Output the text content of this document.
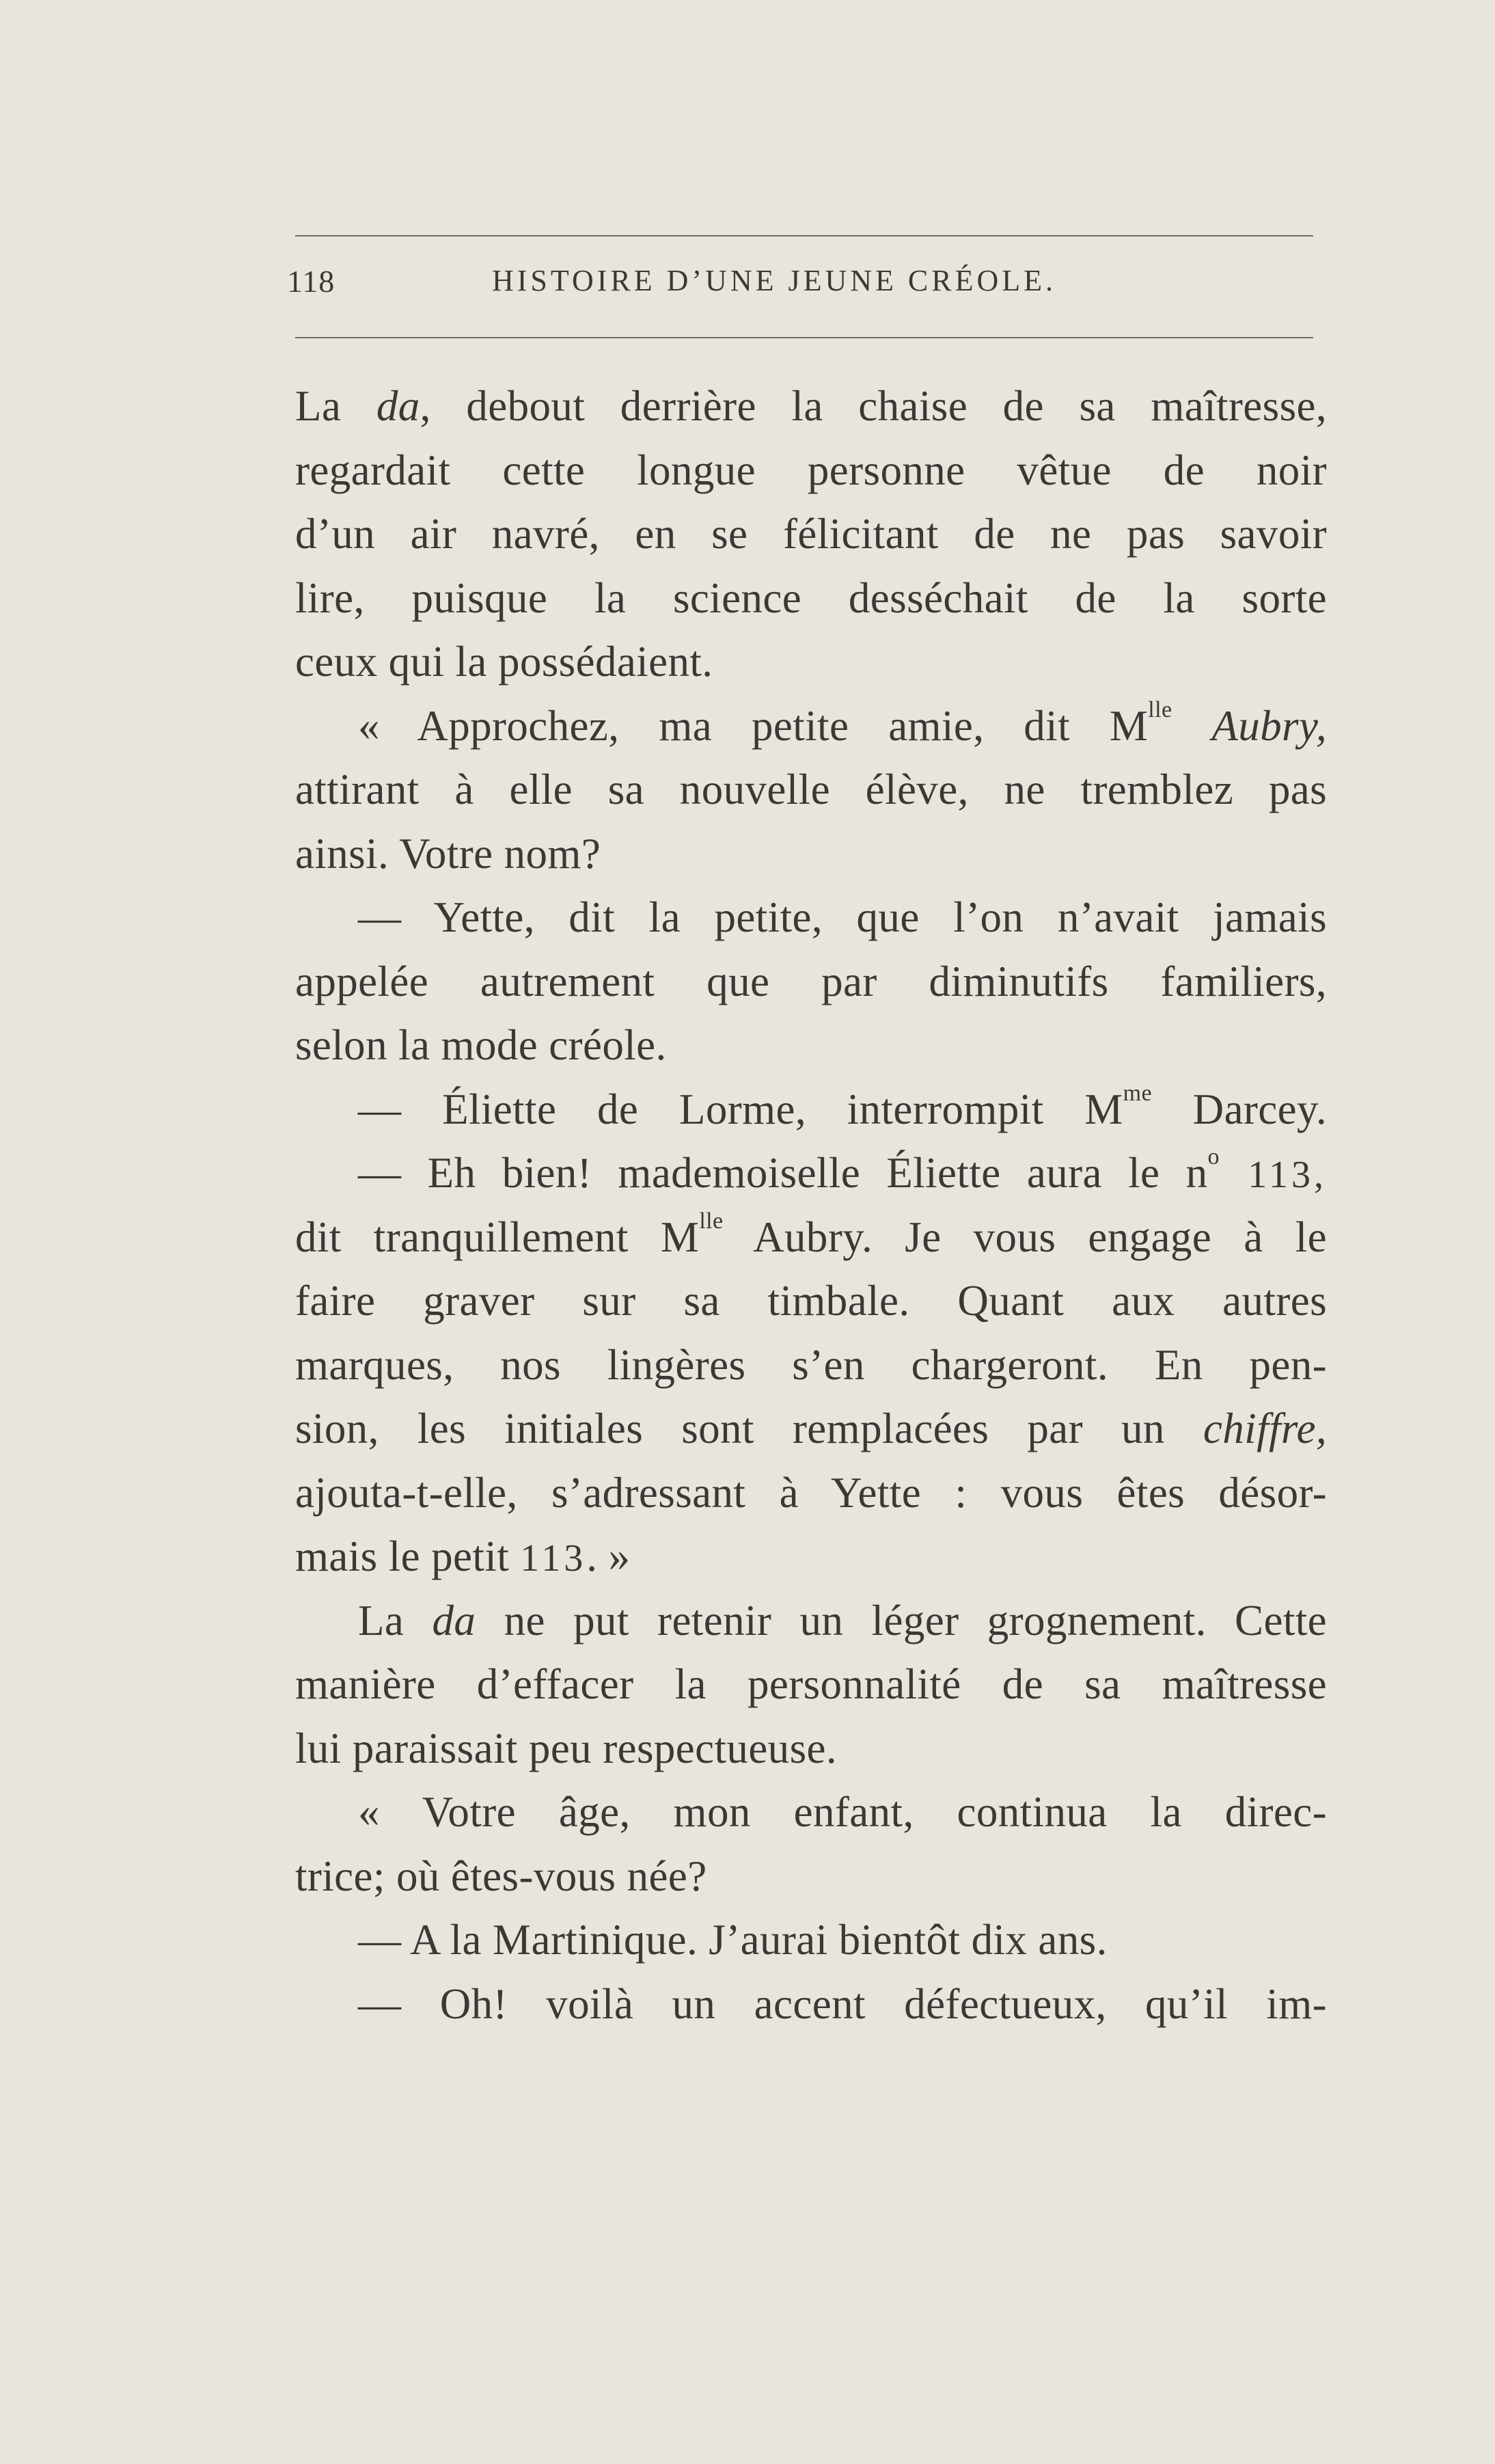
118	HISTOIRE D’UNE JEUNE CRÉOLE.
La da, debout derrière la chaise de sa maîtresse,
regardait cette longue personne vêtue de noir
d’un air navré, en se félicitant de ne pas savoir
lire, puisque la science desséchait de la sorte
ceux qui la possédaient.
« Approchez, ma petite amie, dit $M^{lle}$ Aubry,
attirant à elle sa nouvelle élève, ne tremblez pas
ainsi. Votre nom?
— Yette, dit la petite, que l’on n’avait jamais
appelée autrement que par diminutifs familiers,
selon la mode créole.
— Éliette de Lorme, interrompit $M^{me}$ Darcey.
— Eh bien! mademoiselle Éliette aura le $n^o$ 113,
dit tranquillement $M^{lle}$ Aubry. Je vous engage à le
faire graver sur sa timbale. Quant aux autres
marques, nos lingères s’en chargeront. En pen-
sion, les initiales sont remplacées par un chiffre,
ajouta-t-elle, s’adressant à Yette : vous êtes désor-
mais le petit 113. »
La da ne put retenir un léger grognement. Cette
manière d’effacer la personnalité de sa maîtresse
lui paraissait peu respectueuse.
« Votre âge, mon enfant, continua la direc-
trice; où êtes-vous née?
— A la Martinique. J’aurai bientôt dix ans.
— Oh! voilà un accent défectueux, qu’il im-
